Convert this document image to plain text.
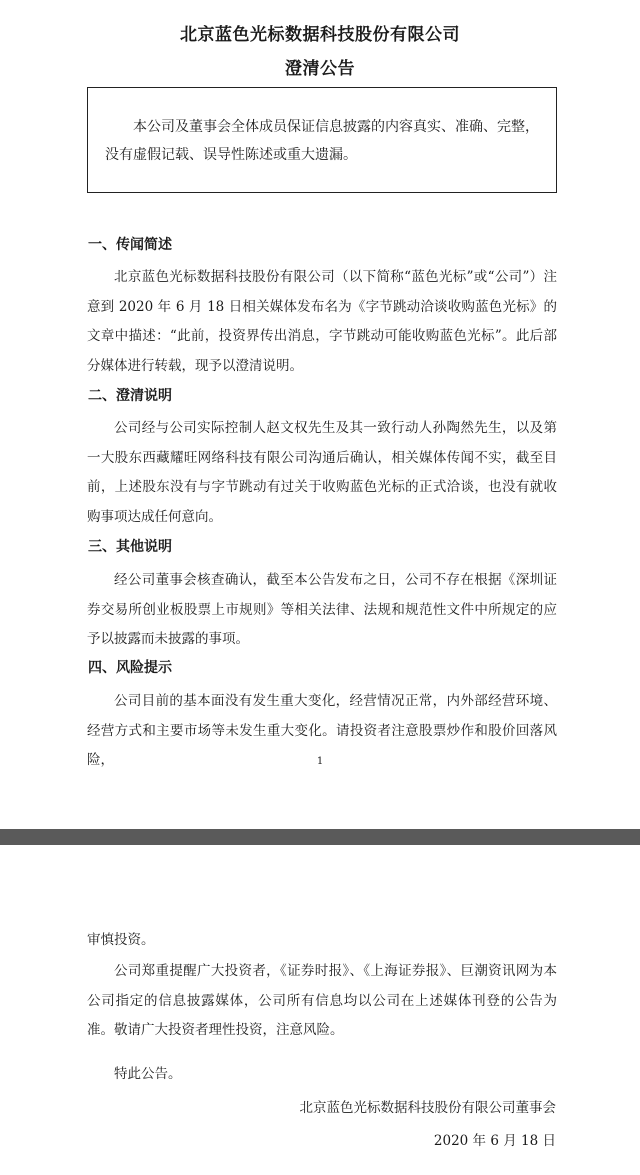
北京蓝色光标数据科技股份有限公司
澄清公告
本公司及董事会全体成员保证信息披露的内容真实、准确、完整，没有虚假记载、误导性陈述或重大遗漏。
一、传闻简述
北京蓝色光标数据科技股份有限公司（以下简称“蓝色光标”或“公司”）注意到 2020 年 6 月 18 日相关媒体发布名为《字节跳动洽谈收购蓝色光标》的文章中描述：“此前，投资界传出消息，字节跳动可能收购蓝色光标”。此后部分媒体进行转载，现予以澄清说明。
二、澄清说明
公司经与公司实际控制人赵文权先生及其一致行动人孙陶然先生，以及第一大股东西藏耀旺网络科技有限公司沟通后确认，相关媒体传闻不实，截至目前，上述股东没有与字节跳动有过关于收购蓝色光标的正式洽谈，也没有就收购事项达成任何意向。
三、其他说明
经公司董事会核查确认，截至本公告发布之日，公司不存在根据《深圳证券交易所创业板股票上市规则》等相关法律、法规和规范性文件中所规定的应予以披露而未披露的事项。
四、风险提示
公司目前的基本面没有发生重大变化，经营情况正常，内外部经营环境、经营方式和主要市场等未发生重大变化。请投资者注意股票炒作和股价回落风险，	1
审慎投资。
公司郑重提醒广大投资者，《证券时报》、《上海证券报》、巨潮资讯网为本公司指定的信息披露媒体，公司所有信息均以公司在上述媒体刊登的公告为准。敬请广大投资者理性投资，注意风险。
特此公告。
北京蓝色光标数据科技股份有限公司董事会
2020 年 6 月 18 日
